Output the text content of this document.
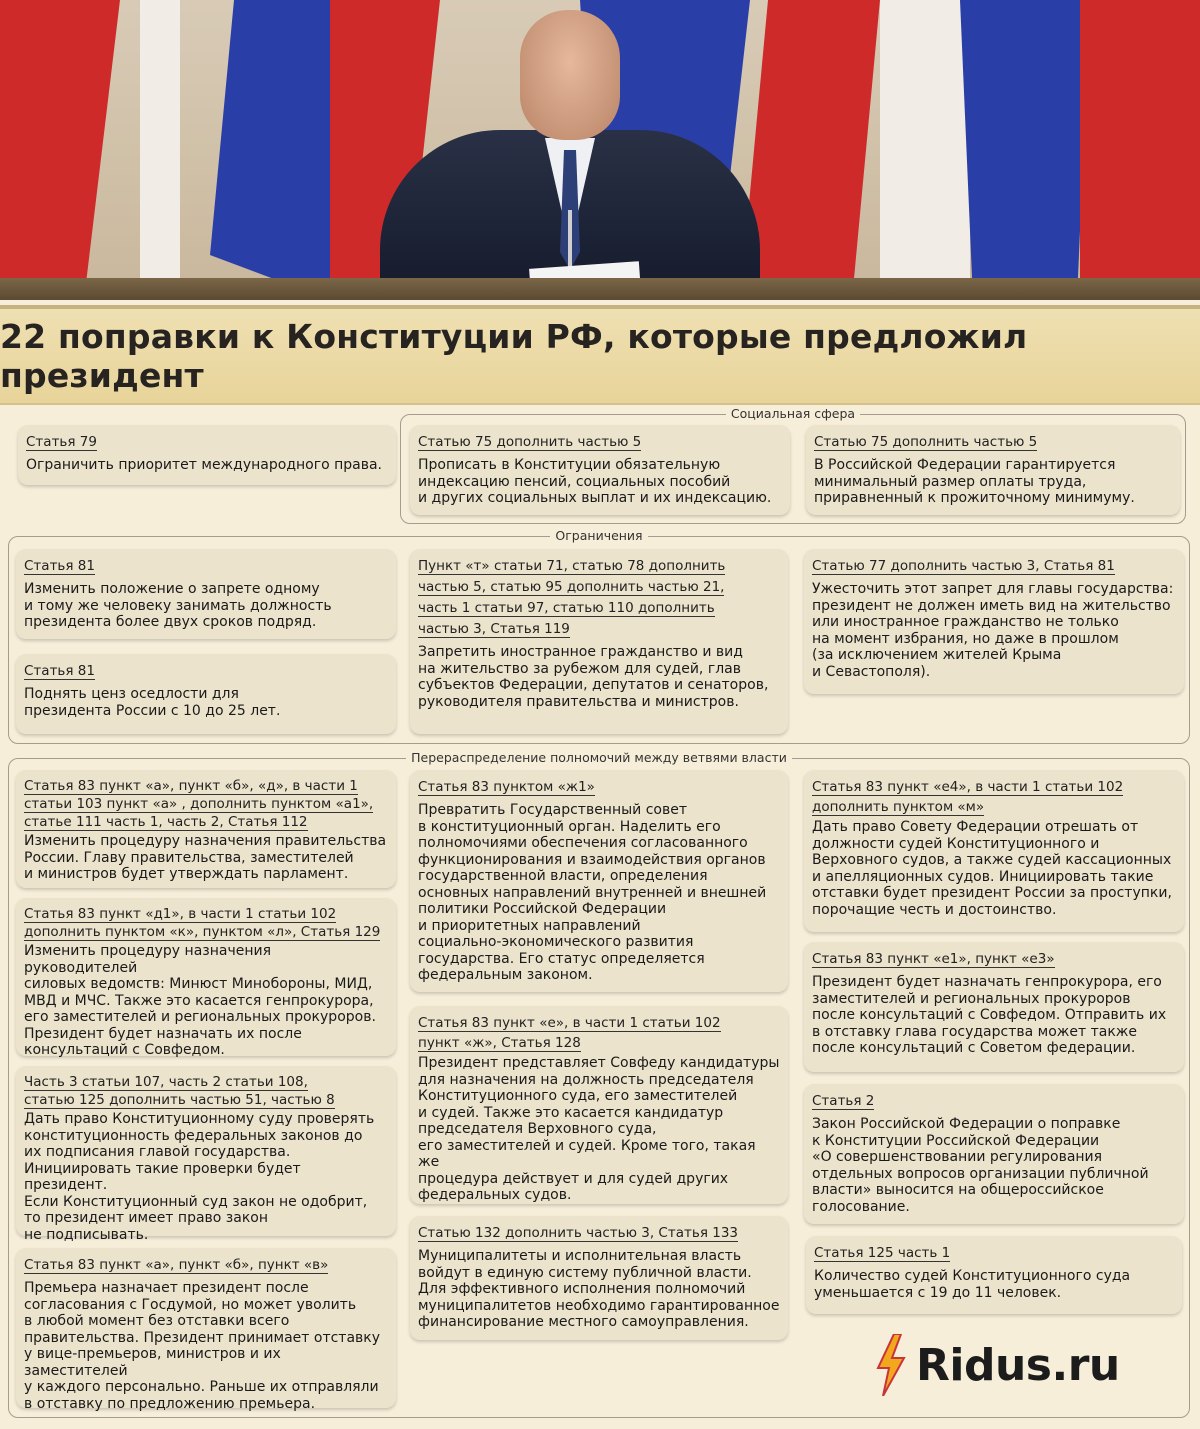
22 поправки к Конституции РФ, которые предложил президент
Социальная сфера
Статья 79
Ограничить приоритет международного права.
Статью 75 дополнить частью 5
Прописать в Конституции обязательную
индексацию пенсий, социальных пособий
и других социальных выплат и их индексацию.
Статью 75 дополнить частью 5
В Российской Федерации гарантируется
минимальный размер оплаты труда,
приравненный к прожиточному минимуму.
Ограничения
Статья 81
Изменить положение о запрете одному
и тому же человеку занимать должность
президента более двух сроков подряд.
Статья 81
Поднять ценз оседлости для
президента России с 10 до 25 лет.
Пункт «т» статьи 71, статью 78 дополнить
частью 5, статью 95 дополнить частью 21,
часть 1 статьи 97, статью 110 дополнить
частью 3, Статья 119
Запретить иностранное гражданство и вид
на жительство за рубежом для судей, глав
субъектов Федерации, депутатов и сенаторов,
руководителя правительства и министров.
Статью 77 дополнить частью 3, Статья 81
Ужесточить этот запрет для главы государства:
президент не должен иметь вид на жительство
или иностранное гражданство не только
на момент избрания, но даже в прошлом
(за исключением жителей Крыма
и Севастополя).
Перераспределение полномочий между ветвями власти
Статья 83 пункт «а», пункт «б», «д», в части 1
статьи 103 пункт «а» , дополнить пунктом «а1»,
статье 111 часть 1, часть 2, Статья 112
Изменить процедуру назначения правительства
России. Главу правительства, заместителей
и министров будет утверждать парламент.
Статья 83 пункт «д1», в части 1 статьи 102
дополнить пунктом «к», пунктом «л», Статья 129
Изменить процедуру назначения руководителей
силовых ведомств: Минюст Минобороны, МИД,
МВД и МЧС. Также это касается генпрокурора,
его заместителей и региональных прокуроров.
Президент будет назначать их после
консультаций с Совфедом.
Часть 3 статьи 107, часть 2 статьи 108,
статью 125 дополнить частью 51, частью 8
Дать право Конституционному суду проверять
конституционность федеральных законов до
их подписания главой государства.
Инициировать такие проверки будет президент.
Если Конституционный суд закон не одобрит,
то президент имеет право закон
не подписывать.
Статья 83 пункт «а», пункт «б», пункт «в»
Премьера назначает президент после
согласования с Госдумой, но может уволить
в любой момент без отставки всего
правительства. Президент принимает отставку
у вице-премьеров, министров и их заместителей
у каждого персонально. Раньше их отправляли
в отставку по предложению премьера.
Статья 83 пунктом «ж1»
Превратить Государственный совет
в конституционный орган. Наделить его
полномочиями обеспечения согласованного
функционирования и взаимодействия органов
государственной власти, определения
основных направлений внутренней и внешней
политики Российской Федерации
и приоритетных направлений
социально-экономического развития
государства. Его статус определяется
федеральным законом.
Статья 83 пункт «е», в части 1 статьи 102
пункт «ж», Статья 128
Президент представляет Совфеду кандидатуры
для назначения на должность председателя
Конституционного суда, его заместителей
и судей. Также это касается кандидатур
председателя Верховного суда,
его заместителей и судей. Кроме того, такая же
процедура действует и для судей других
федеральных судов.
Статью 132 дополнить частью 3, Статья 133
Муниципалитеты и исполнительная власть
войдут в единую систему публичной власти.
Для эффективного исполнения полномочий
муниципалитетов необходимо гарантированное
финансирование местного самоуправления.
Статья 83 пункт «е4», в части 1 статьи 102
дополнить пунктом «м»
Дать право Совету Федерации отрешать от
должности судей Конституционного и
Верховного судов, а также судей кассационных
и апелляционных судов. Инициировать такие
отставки будет президент России за проступки,
порочащие честь и достоинство.
Статья 83 пункт «е1», пункт «е3»
Президент будет назначать генпрокурора, его
заместителей и региональных прокуроров
после консультаций с Совфедом. Отправить их
в отставку глава государства может также
после консультаций с Советом федерации.
Статья 2
Закон Российской Федерации о поправке
к Конституции Российской Федерации
«О совершенствовании регулирования
отдельных вопросов организации публичной
власти» выносится на общероссийское
голосование.
Статья 125 часть 1
Количество судей Конституционного суда
уменьшается с 19 до 11 человек.
Ridus.ru
